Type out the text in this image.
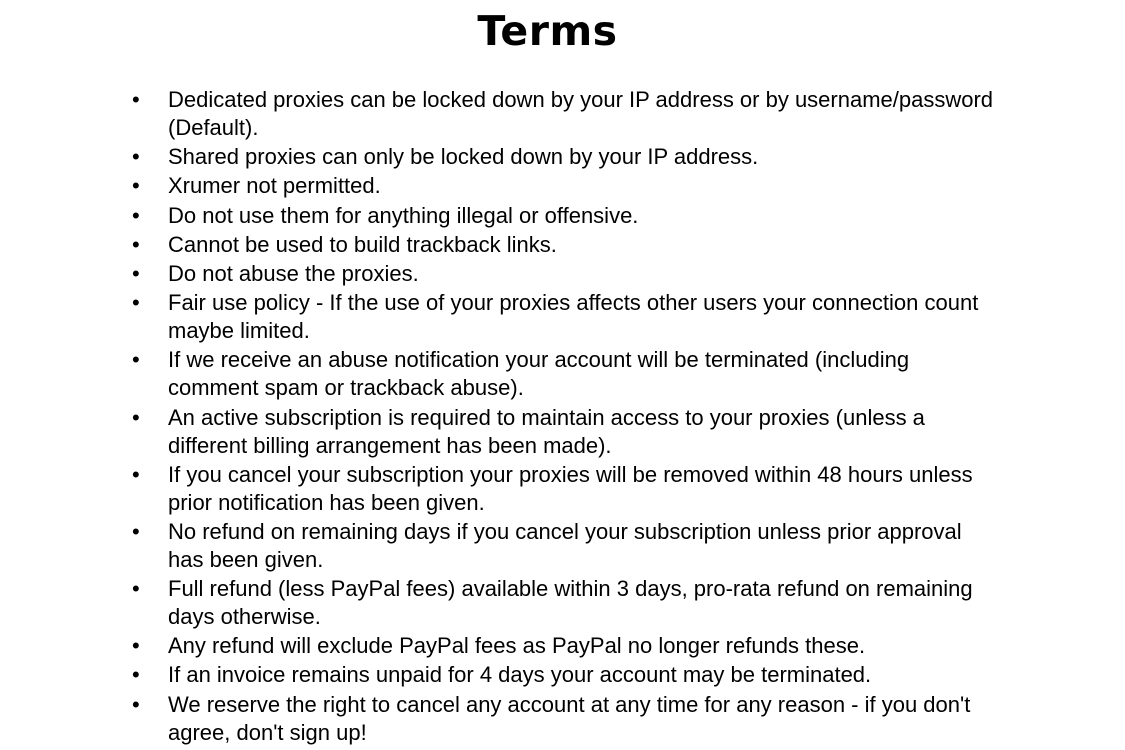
Terms
• Dedicated proxies can be locked down by your IP address or by username/password (Default).
• Shared proxies can only be locked down by your IP address.
• Xrumer not permitted.
• Do not use them for anything illegal or offensive.
• Cannot be used to build trackback links.
• Do not abuse the proxies.
• Fair use policy - If the use of your proxies affects other users your connection count maybe limited.
• If we receive an abuse notification your account will be terminated (including comment spam or trackback abuse).
• An active subscription is required to maintain access to your proxies (unless a different billing arrangement has been made).
• If you cancel your subscription your proxies will be removed within 48 hours unless prior notification has been given.
• No refund on remaining days if you cancel your subscription unless prior approval has been given.
• Full refund (less PayPal fees) available within 3 days, pro-rata refund on remaining days otherwise.
• Any refund will exclude PayPal fees as PayPal no longer refunds these.
• If an invoice remains unpaid for 4 days your account may be terminated.
• We reserve the right to cancel any account at any time for any reason - if you don't agree, don't sign up!
